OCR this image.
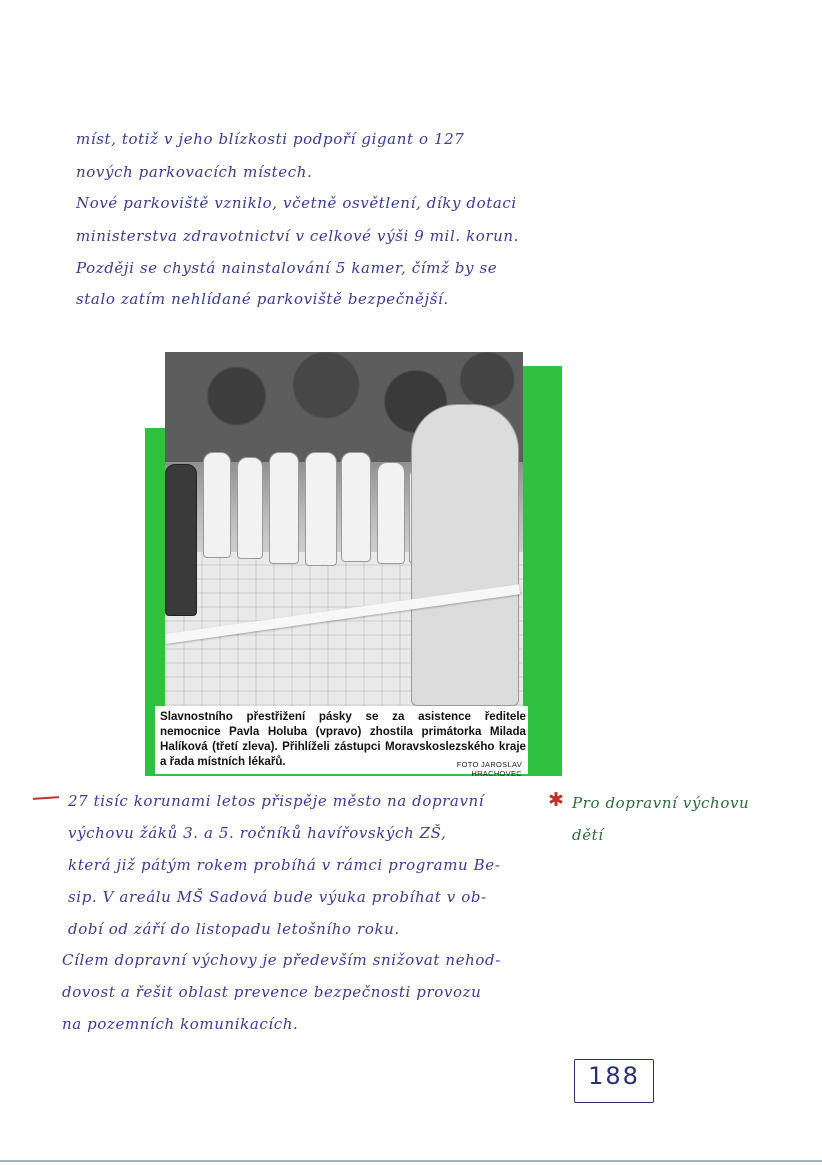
míst, totiž v jeho blízkosti podpoří gigant o 127
nových parkovacích místech.
Nové parkoviště vzniklo, včetně osvětlení, díky dotaci
ministerstva zdravotnictví v celkové výši 9 mil. korun.
Později se chystá nainstalování 5 kamer, čímž by se
stalo zatím nehlídané parkoviště bezpečnější.
Slavnostního přestřižení pásky se za asistence ředitele nemocnice Pavla Holuba (vpravo) zhostila primátorka Milada Halíková (třetí zleva). Přihlíželi zástupci Moravskoslezského kraje a řada místních lékařů.	FOTO JAROSLAV HRACHOVEC
27 tisíc korunami letos přispěje město na dopravní
výchovu žáků 3. a 5. ročníků havířovských ZŠ,
která již pátým rokem probíhá v rámci programu Be-
sip. V areálu MŠ Sadová bude výuka probíhat v ob-
dobí od září do listopadu letošního roku.
Cílem dopravní výchovy je především snižovat nehod-
dovost a řešit oblast prevence bezpečnosti provozu
na pozemních komunikacích.
✱ Pro dopravní výchovu
dětí
188
